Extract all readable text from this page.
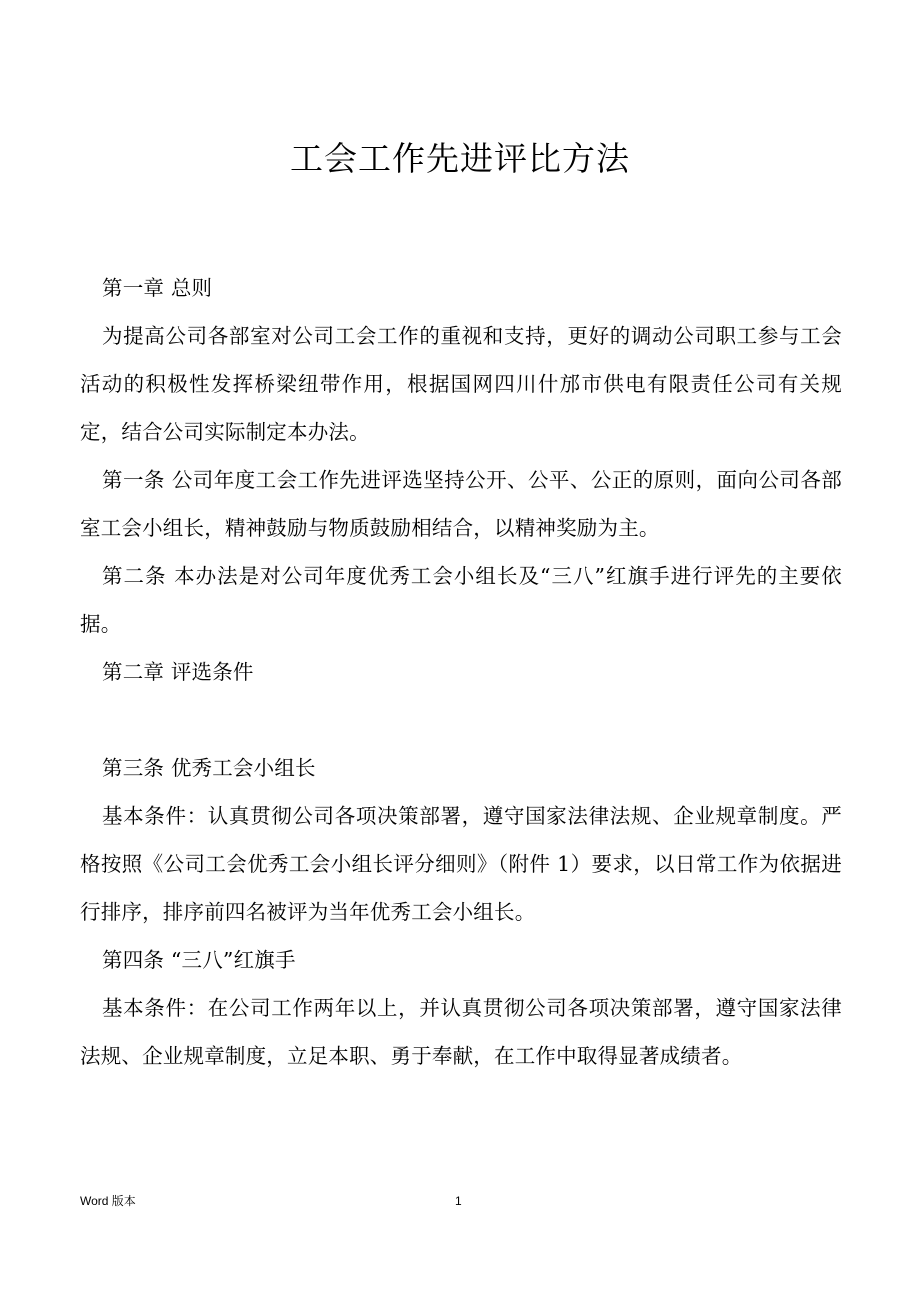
工会工作先进评比方法

第一章 总则

为提高公司各部室对公司工会工作的重视和支持，更好的调动公司职工参与工会活动的积极性发挥桥梁纽带作用，根据国网四川什邡市供电有限责任公司有关规定，结合公司实际制定本办法。

第一条 公司年度工会工作先进评选坚持公开、公平、公正的原则，面向公司各部室工会小组长，精神鼓励与物质鼓励相结合，以精神奖励为主。

第二条 本办法是对公司年度优秀工会小组长及“三八”红旗手进行评先的主要依据。

第二章 评选条件

第三条 优秀工会小组长

基本条件：认真贯彻公司各项决策部署，遵守国家法律法规、企业规章制度。严格按照《公司工会优秀工会小组长评分细则》（附件 1）要求，以日常工作为依据进行排序，排序前四名被评为当年优秀工会小组长。

第四条 “三八”红旗手

基本条件：在公司工作两年以上，并认真贯彻公司各项决策部署，遵守国家法律法规、企业规章制度，立足本职、勇于奉献，在工作中取得显著成绩者。

Word 版本	1
